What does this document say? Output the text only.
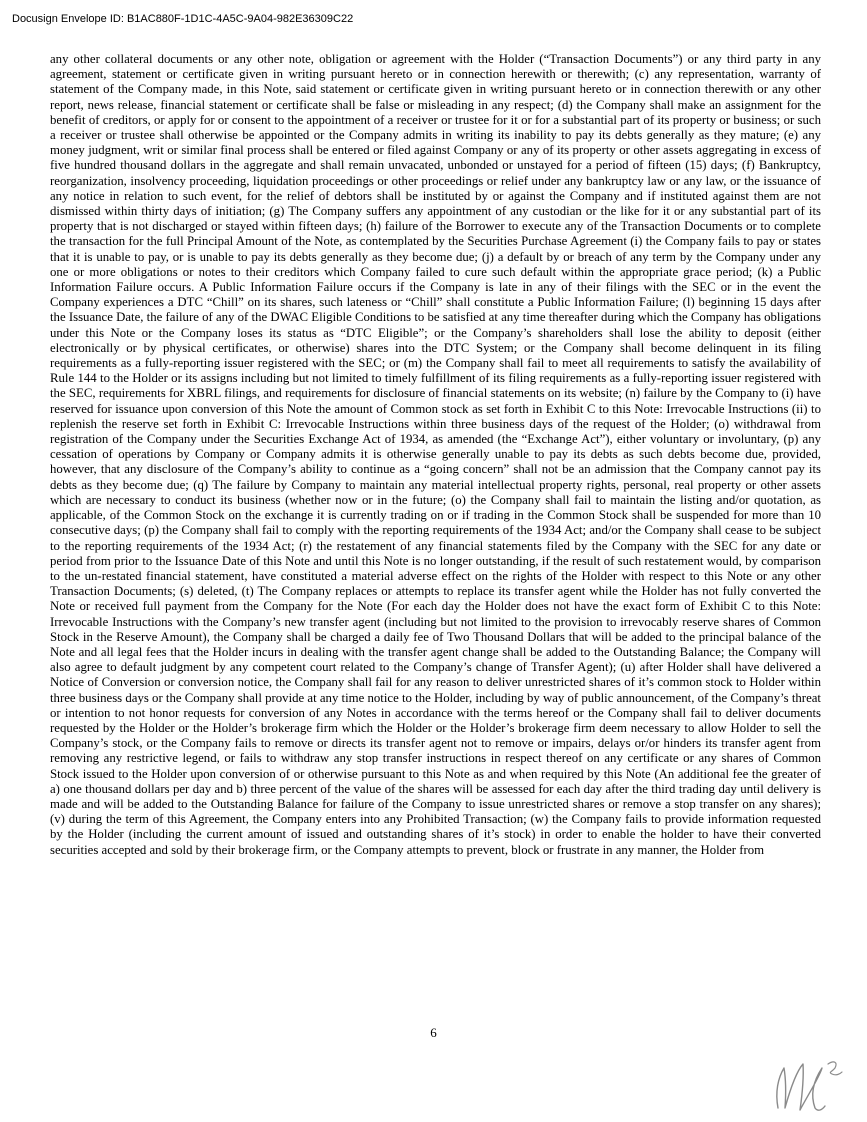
Docusign Envelope ID: B1AC880F-1D1C-4A5C-9A04-982E36309C22

any other collateral documents or any other note, obligation or agreement with the Holder (“Transaction Documents”) or any third party in any agreement, statement or certificate given in writing pursuant hereto or in connection herewith or therewith; (c) any representation, warranty of statement of the Company made, in this Note, said statement or certificate given in writing pursuant hereto or in connection therewith or any other report, news release, financial statement or certificate shall be false or misleading in any respect; (d) the Company shall make an assignment for the benefit of creditors, or apply for or consent to the appointment of a receiver or trustee for it or for a substantial part of its property or business; or such a receiver or trustee shall otherwise be appointed or the Company admits in writing its inability to pay its debts generally as they mature; (e) any money judgment, writ or similar final process shall be entered or filed against Company or any of its property or other assets aggregating in excess of five hundred thousand dollars in the aggregate and shall remain unvacated, unbonded or unstayed for a period of fifteen (15) days; (f) Bankruptcy, reorganization, insolvency proceeding, liquidation proceedings or other proceedings or relief under any bankruptcy law or any law, or the issuance of any notice in relation to such event, for the relief of debtors shall be instituted by or against the Company and if instituted against them are not dismissed within thirty days of initiation; (g) The Company suffers any appointment of any custodian or the like for it or any substantial part of its property that is not discharged or stayed within fifteen days; (h) failure of the Borrower to execute any of the Transaction Documents or to complete the transaction for the full Principal Amount of the Note, as contemplated by the Securities Purchase Agreement (i) the Company fails to pay or states that it is unable to pay, or is unable to pay its debts generally as they become due; (j) a default by or breach of any term by the Company under any one or more obligations or notes to their creditors which Company failed to cure such default within the appropriate grace period; (k) a Public Information Failure occurs. A Public Information Failure occurs if the Company is late in any of their filings with the SEC or in the event the Company experiences a DTC “Chill” on its shares, such lateness or “Chill” shall constitute a Public Information Failure; (l) beginning 15 days after the Issuance Date, the failure of any of the DWAC Eligible Conditions to be satisfied at any time thereafter during which the Company has obligations under this Note or the Company loses its status as “DTC Eligible”; or the Company’s shareholders shall lose the ability to deposit (either electronically or by physical certificates, or otherwise) shares into the DTC System; or the Company shall become delinquent in its filing requirements as a fully-reporting issuer registered with the SEC; or (m) the Company shall fail to meet all requirements to satisfy the availability of Rule 144 to the Holder or its assigns including but not limited to timely fulfillment of its filing requirements as a fully-reporting issuer registered with the SEC, requirements for XBRL filings, and requirements for disclosure of financial statements on its website; (n) failure by the Company to (i) have reserved for issuance upon conversion of this Note the amount of Common stock as set forth in Exhibit C to this Note: Irrevocable Instructions (ii) to replenish the reserve set forth in Exhibit C: Irrevocable Instructions within three business days of the request of the Holder; (o) withdrawal from registration of the Company under the Securities Exchange Act of 1934, as amended (the “Exchange Act”), either voluntary or involuntary, (p) any cessation of operations by Company or Company admits it is otherwise generally unable to pay its debts as such debts become due, provided, however, that any disclosure of the Company’s ability to continue as a “going concern” shall not be an admission that the Company cannot pay its debts as they become due; (q) The failure by Company to maintain any material intellectual property rights, personal, real property or other assets which are necessary to conduct its business (whether now or in the future; (o) the Company shall fail to maintain the listing and/or quotation, as applicable, of the Common Stock on the exchange it is currently trading on or if trading in the Common Stock shall be suspended for more than 10 consecutive days; (p) the Company shall fail to comply with the reporting requirements of the 1934 Act; and/or the Company shall cease to be subject to the reporting requirements of the 1934 Act; (r) the restatement of any financial statements filed by the Company with the SEC for any date or period from prior to the Issuance Date of this Note and until this Note is no longer outstanding, if the result of such restatement would, by comparison to the un-restated financial statement, have constituted a material adverse effect on the rights of the Holder with respect to this Note or any other Transaction Documents; (s) deleted, (t) The Company replaces or attempts to replace its transfer agent while the Holder has not fully converted the Note or received full payment from the Company for the Note (For each day the Holder does not have the exact form of Exhibit C to this Note: Irrevocable Instructions with the Company’s new transfer agent (including but not limited to the provision to irrevocably reserve shares of Common Stock in the Reserve Amount), the Company shall be charged a daily fee of Two Thousand Dollars that will be added to the principal balance of the Note and all legal fees that the Holder incurs in dealing with the transfer agent change shall be added to the Outstanding Balance; the Company will also agree to default judgment by any competent court related to the Company’s change of Transfer Agent); (u) after Holder shall have delivered a Notice of Conversion or conversion notice, the Company shall fail for any reason to deliver unrestricted shares of it’s common stock to Holder within three business days or the Company shall provide at any time notice to the Holder, including by way of public announcement, of the Company’s threat or intention to not honor requests for conversion of any Notes in accordance with the terms hereof or the Company shall fail to deliver documents requested by the Holder or the Holder’s brokerage firm which the Holder or the Holder’s brokerage firm deem necessary to allow Holder to sell the Company’s stock, or the Company fails to remove or directs its transfer agent not to remove or impairs, delays or/or hinders its transfer agent from removing any restrictive legend, or fails to withdraw any stop transfer instructions in respect thereof on any certificate or any shares of Common Stock issued to the Holder upon conversion of or otherwise pursuant to this Note as and when required by this Note (An additional fee the greater of a) one thousand dollars per day and b) three percent of the value of the shares will be assessed for each day after the third trading day until delivery is made and will be added to the Outstanding Balance for failure of the Company to issue unrestricted shares or remove a stop transfer on any shares); (v) during the term of this Agreement, the Company enters into any Prohibited Transaction; (w) the Company fails to provide information requested by the Holder (including the current amount of issued and outstanding shares of it’s stock) in order to enable the holder to have their converted securities accepted and sold by their brokerage firm, or the Company attempts to prevent, block or frustrate in any manner, the Holder from

6
